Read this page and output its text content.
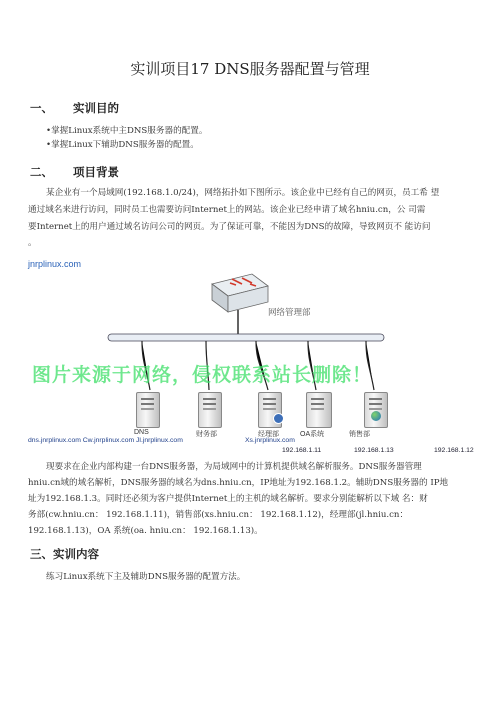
实训项目17 DNS服务器配置与管理
一、 实训目的
•掌握Linux系统中主DNS服务器的配置。
•掌握Linux下辅助DNS服务器的配置。
二、 项目背景
某企业有一个局域网(192.168.1.0/24)，网络拓扑如下图所示。该企业中已经有自己的网页，员工希 望
通过域名来进行访问，同时员工也需要访问Internet上的网站。该企业已经申请了域名hniu.cn，公 司需
要Internet上的用户通过域名访问公司的网页。为了保证可靠，不能因为DNS的故障，导致网页不 能访问
。
jnrplinux.com
网络管理部
图片来源于网络，侵权联系站长删除！
DNS	财务部	经理部	OA系统	销售部
dns.jnrplinux.com Cw.jnrplinux.com Jl.jnrplinux.com	Xs.jnrplinux.com
192.168.1.11	192.168.1.13	192.168.1.12
现要求在企业内部构建一台DNS服务器，为局域网中的计算机提供域名解析服务。DNS服务器管理
hniu.cn域的域名解析，DNS服务器的域名为dns.hniu.cn，IP地址为192.168.1.2。辅助DNS服务器的 IP地
址为192.168.1.3。同时还必须为客户提供Internet上的主机的域名解析。要求分别能解析以下域 名：财
务部(cw.hniu.cn： 192.168.1.11)，销售部(xs.hniu.cn： 192.168.1.12)，经理部(jl.hniu.cn：
192.168.1.13)，OA 系统(oa. hniu.cn： 192.168.1.13)。
三、实训内容
练习Linux系统下主及辅助DNS服务器的配置方法。
